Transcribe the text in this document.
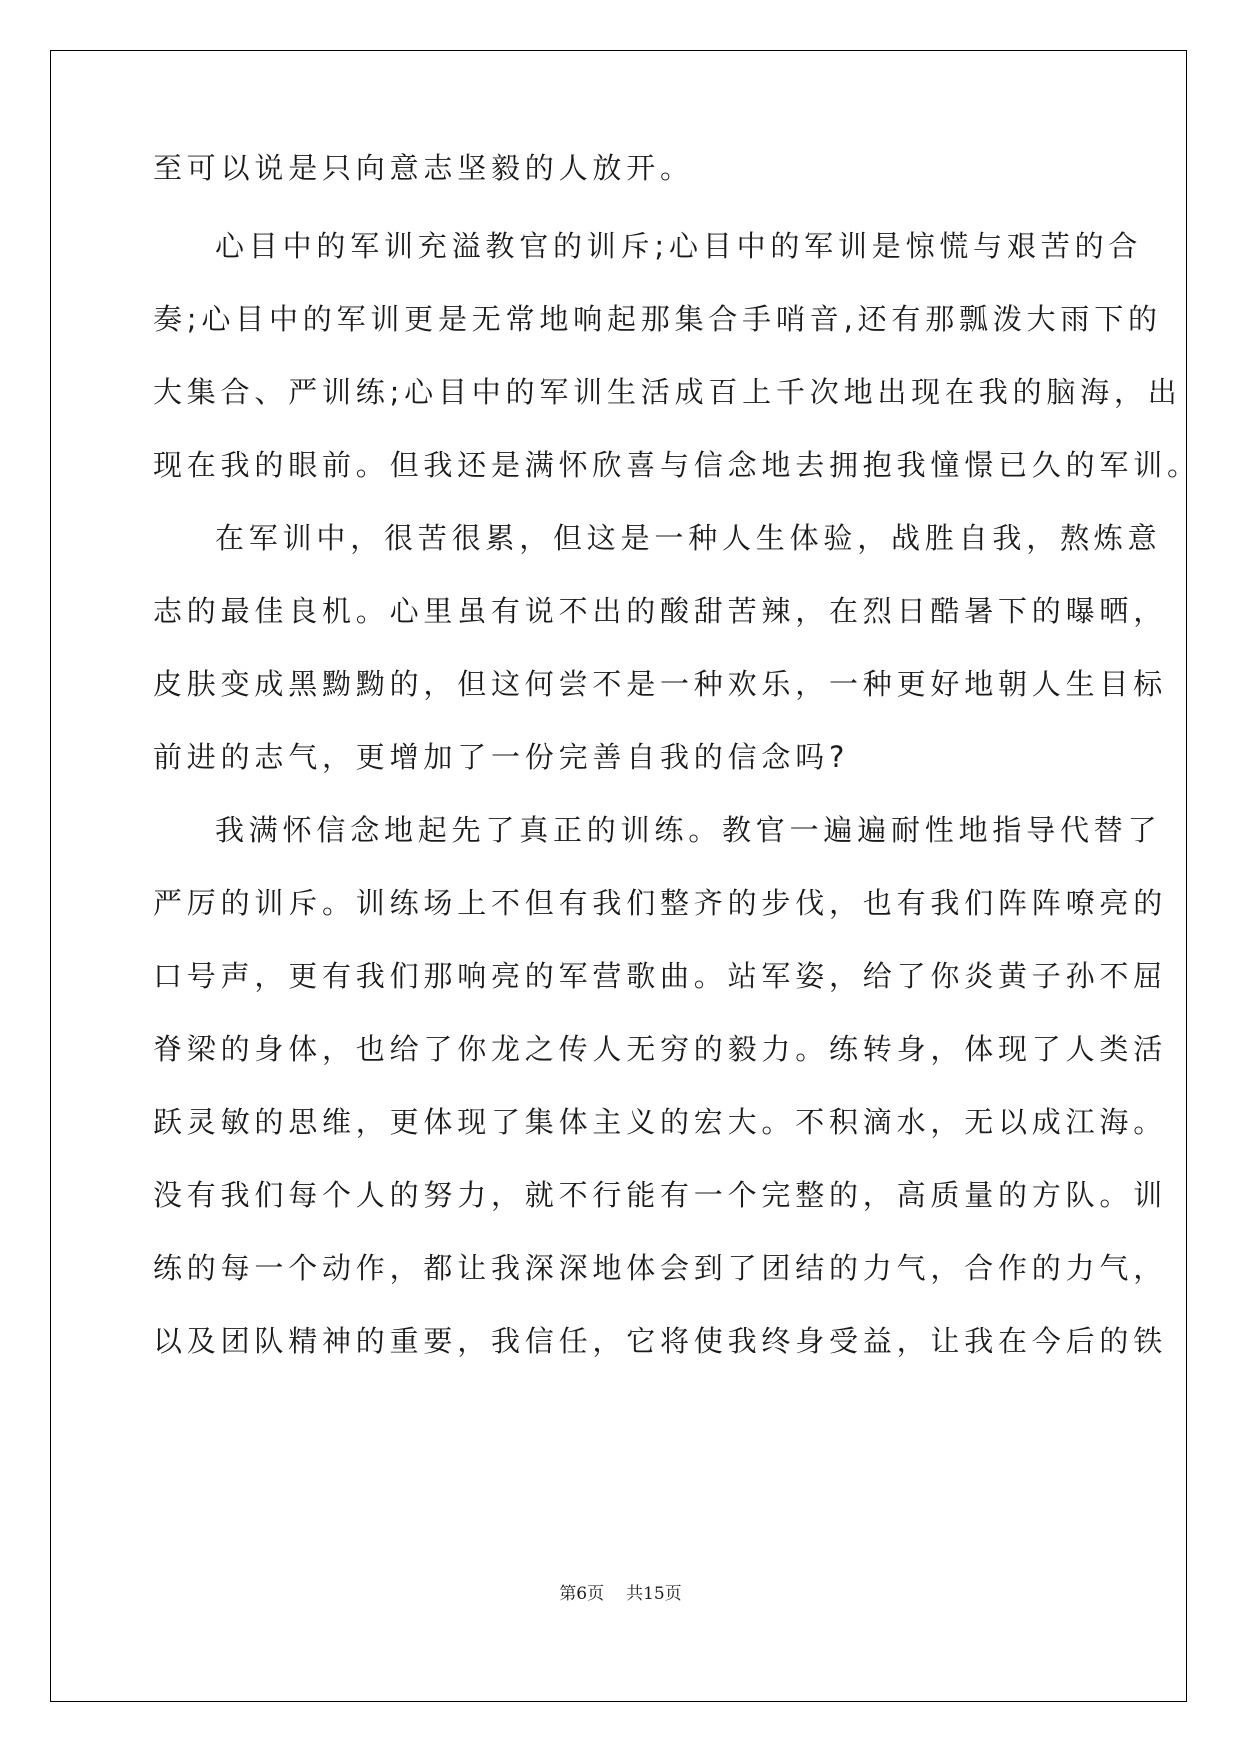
至可以说是只向意志坚毅的人放开。
心目中的军训充溢教官的训斥;心目中的军训是惊慌与艰苦的合
奏;心目中的军训更是无常地响起那集合手哨音,还有那瓢泼大雨下的
大集合、严训练;心目中的军训生活成百上千次地出现在我的脑海，出
现在我的眼前。但我还是满怀欣喜与信念地去拥抱我憧憬已久的军训。
在军训中，很苦很累，但这是一种人生体验，战胜自我，熬炼意
志的最佳良机。心里虽有说不出的酸甜苦辣，在烈日酷暑下的曝晒，
皮肤变成黑黝黝的，但这何尝不是一种欢乐，一种更好地朝人生目标
前进的志气，更增加了一份完善自我的信念吗?
我满怀信念地起先了真正的训练。教官一遍遍耐性地指导代替了
严厉的训斥。训练场上不但有我们整齐的步伐，也有我们阵阵嘹亮的
口号声，更有我们那响亮的军营歌曲。站军姿，给了你炎黄子孙不屈
脊梁的身体，也给了你龙之传人无穷的毅力。练转身，体现了人类活
跃灵敏的思维，更体现了集体主义的宏大。不积滴水，无以成江海。
没有我们每个人的努力，就不行能有一个完整的，高质量的方队。训
练的每一个动作，都让我深深地体会到了团结的力气，合作的力气，
以及团队精神的重要，我信任，它将使我终身受益，让我在今后的铁
第6页 共15页
